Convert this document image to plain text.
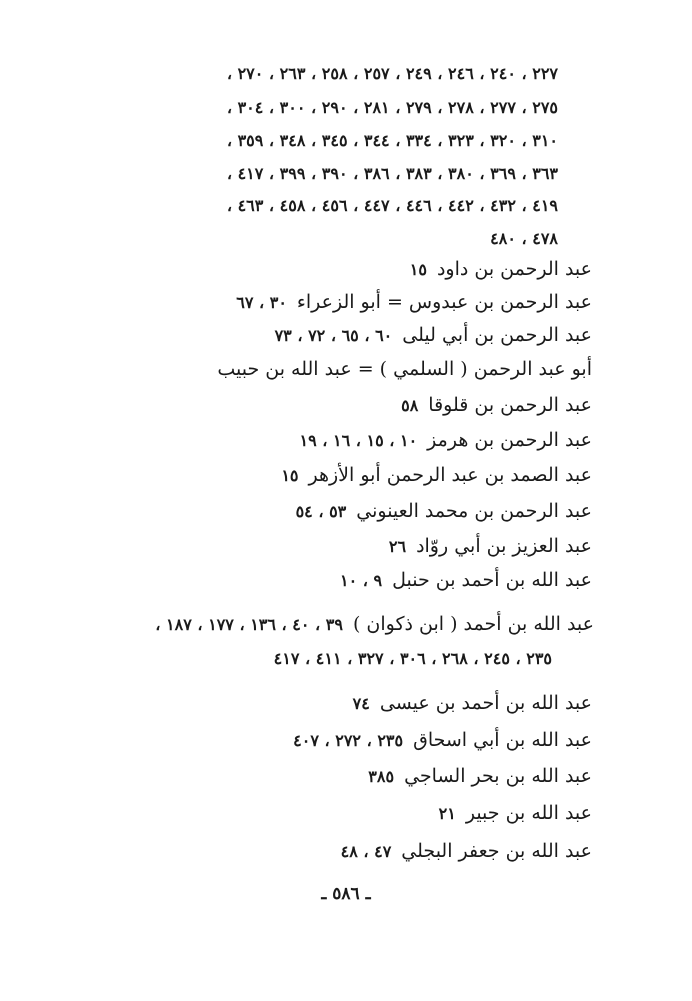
٢٢٧ ، ٢٤٠ ، ٢٤٦ ، ٢٤٩ ، ٢٥٧ ، ٢٥٨ ، ٢٦٣ ، ٢٧٠ ،
٢٧٥ ، ٢٧٧ ، ٢٧٨ ، ٢٧٩ ، ٢٨١ ، ٢٩٠ ، ٣٠٠ ، ٣٠٤ ،
٣١٠ ، ٣٢٠ ، ٣٢٣ ، ٣٣٤ ، ٣٤٤ ، ٣٤٥ ، ٣٤٨ ، ٣٥٩ ،
٣٦٣ ، ٣٦٩ ، ٣٨٠ ، ٣٨٣ ، ٣٨٦ ، ٣٩٠ ، ٣٩٩ ، ٤١٧ ،
٤١٩ ، ٤٣٢ ، ٤٤٢ ، ٤٤٦ ، ٤٤٧ ، ٤٥٦ ، ٤٥٨ ، ٤٦٣ ،
٤٧٨ ، ٤٨٠
عبد الرحمن بن داود١٥
عبد الرحمن بن عبدوس = أبو الزعراء٣٠ ، ٦٧
عبد الرحمن بن أبي ليلى٦٠ ، ٦٥ ، ٧٢ ، ٧٣
أبو عبد الرحمن ( السلمي ) = عبد الله بن حبيب
عبد الرحمن بن قلوقا٥٨
عبد الرحمن بن هرمز١٠ ، ١٥ ، ١٦ ، ١٩
عبد الصمد بن عبد الرحمن أبو الأزهر١٥
عبد الرحمن بن محمد العينوني٥٣ ، ٥٤
عبد العزيز بن أبي روّاد٢٦
عبد الله بن أحمد بن حنبل٩ ، ١٠
عبد الله بن أحمد ( ابن ذكوان )٣٩ ، ٤٠ ، ١٣٦ ، ١٧٧ ، ١٨٧ ،
٢٣٥ ، ٢٤٥ ، ٢٦٨ ، ٣٠٦ ، ٣٢٧ ، ٤١١ ، ٤١٧
عبد الله بن أحمد بن عيسى٧٤
عبد الله بن أبي اسحاق٢٣٥ ، ٢٧٢ ، ٤٠٧
عبد الله بن بحر الساجي٣٨٥
عبد الله بن جبير٢١
عبد الله بن جعفر البجلي٤٧ ، ٤٨
ـ ٥٨٦ ـ
